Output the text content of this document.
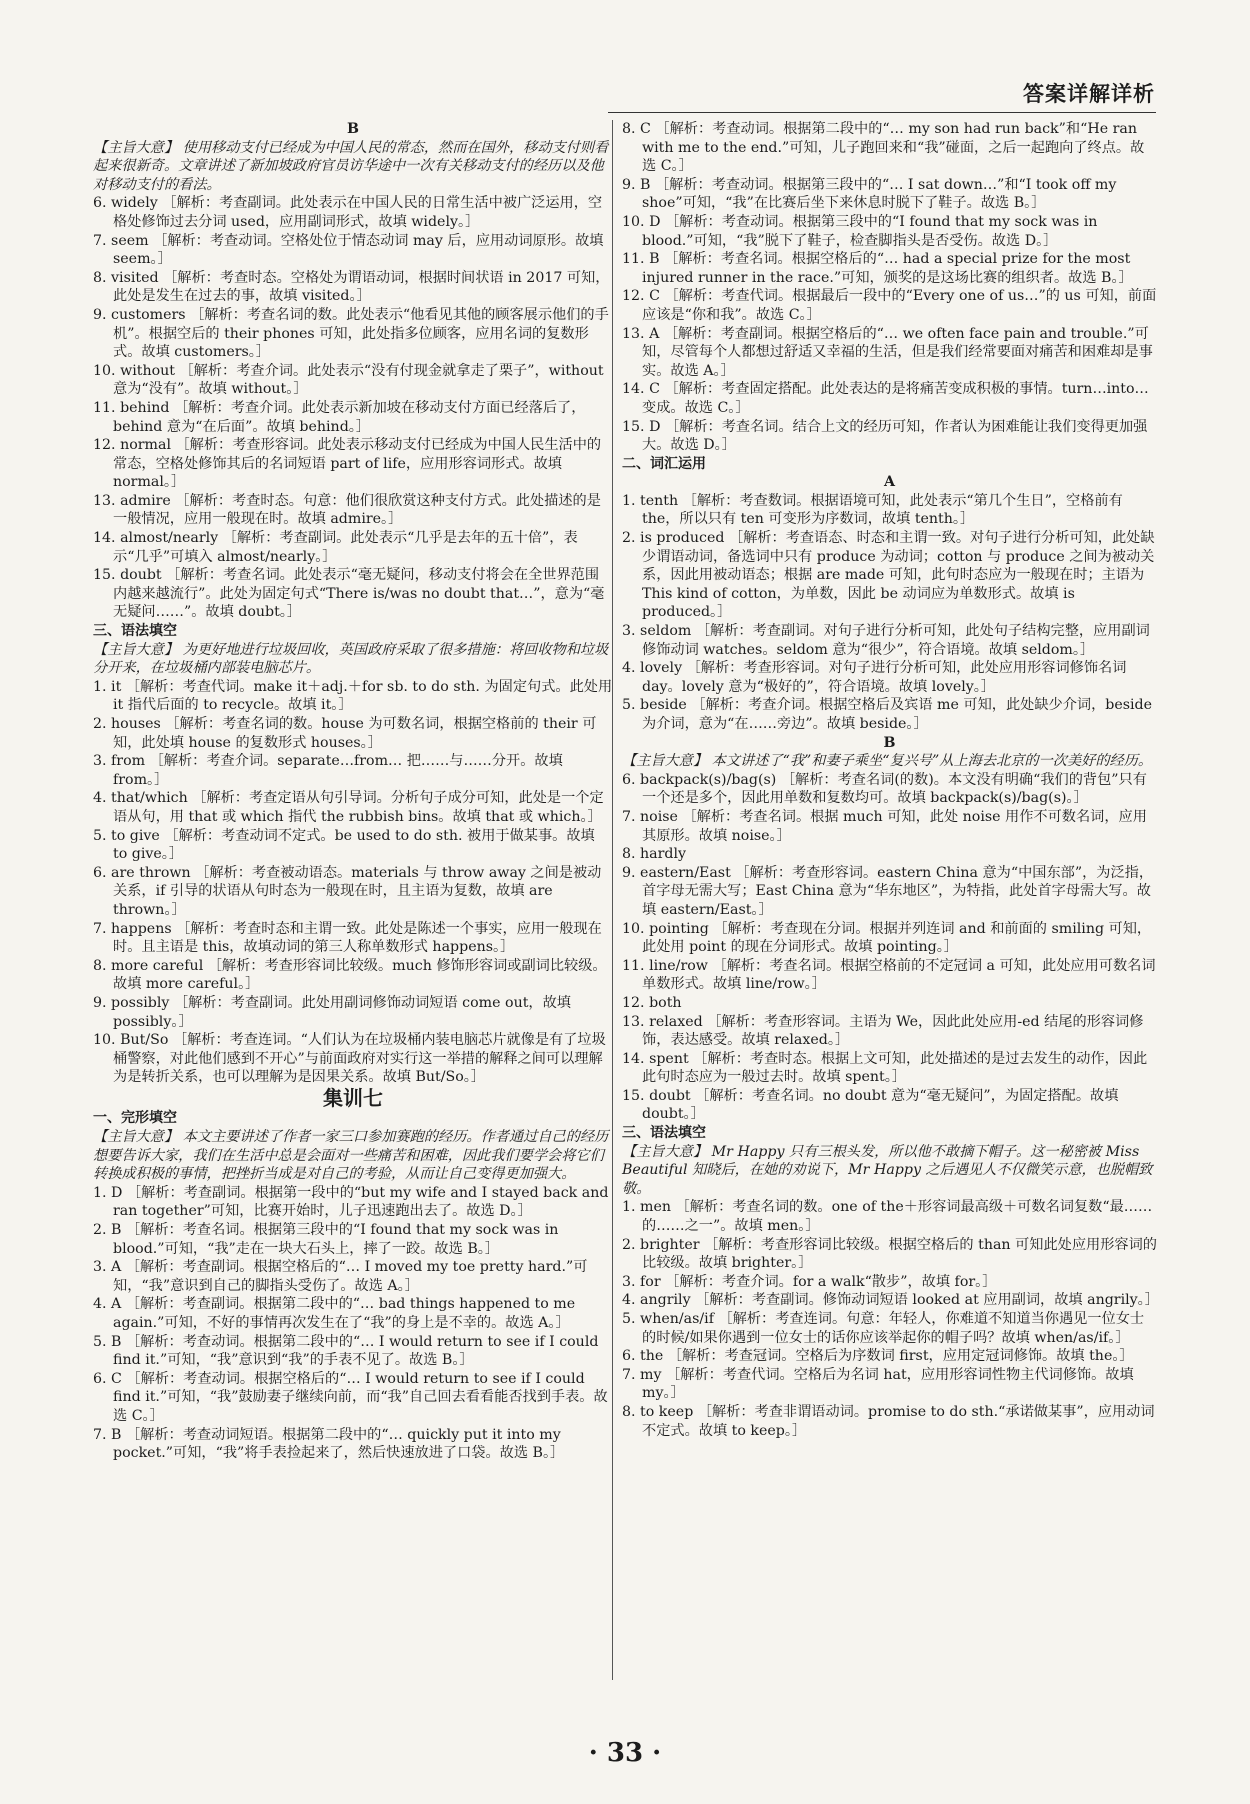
答案详解详析

B

【主旨大意】 使用移动支付已经成为中国人民的常态，然而在国外，移动支付则看起来很新奇。文章讲述了新加坡政府官员访华途中一次有关移动支付的经历以及他对移动支付的看法。

6. widely ［解析：考查副词。此处表示在中国人民的日常生活中被广泛运用，空格处修饰过去分词 used，应用副词形式，故填 widely。］

7. seem ［解析：考查动词。空格处位于情态动词 may 后，应用动词原形。故填 seem。］

8. visited ［解析：考查时态。空格处为谓语动词，根据时间状语 in 2017 可知，此处是发生在过去的事，故填 visited。］

9. customers ［解析：考查名词的数。此处表示“他看见其他的顾客展示他们的手机”。根据空后的 their phones 可知，此处指多位顾客，应用名词的复数形式。故填 customers。］

10. without ［解析：考查介词。此处表示“没有付现金就拿走了栗子”，without 意为“没有”。故填 without。］

11. behind ［解析：考查介词。此处表示新加坡在移动支付方面已经落后了，behind 意为“在后面”。故填 behind。］

12. normal ［解析：考查形容词。此处表示移动支付已经成为中国人民生活中的常态，空格处修饰其后的名词短语 part of life，应用形容词形式。故填 normal。］

13. admire ［解析：考查时态。句意：他们很欣赏这种支付方式。此处描述的是一般情况，应用一般现在时。故填 admire。］

14. almost/nearly ［解析：考查副词。此处表示“几乎是去年的五十倍”，表示“几乎”可填入 almost/nearly。］

15. doubt ［解析：考查名词。此处表示“毫无疑问，移动支付将会在全世界范围内越来越流行”。此处为固定句式“There is/was no doubt that…”，意为“毫无疑问……”。故填 doubt。］

三、语法填空

【主旨大意】 为更好地进行垃圾回收，英国政府采取了很多措施：将回收物和垃圾分开来，在垃圾桶内部装电脑芯片。

1. it ［解析：考查代词。make it＋adj.＋for sb. to do sth. 为固定句式。此处用 it 指代后面的 to recycle。故填 it。］

2. houses ［解析：考查名词的数。house 为可数名词，根据空格前的 their 可知，此处填 house 的复数形式 houses。］

3. from ［解析：考查介词。separate…from… 把……与……分开。故填 from。］

4. that/which ［解析：考查定语从句引导词。分析句子成分可知，此处是一个定语从句，用 that 或 which 指代 the rubbish bins。故填 that 或 which。］

5. to give ［解析：考查动词不定式。be used to do sth. 被用于做某事。故填 to give。］

6. are thrown ［解析：考查被动语态。materials 与 throw away 之间是被动关系，if 引导的状语从句时态为一般现在时，且主语为复数，故填 are thrown。］

7. happens ［解析：考查时态和主谓一致。此处是陈述一个事实，应用一般现在时。且主语是 this，故填动词的第三人称单数形式 happens。］

8. more careful ［解析：考查形容词比较级。much 修饰形容词或副词比较级。故填 more careful。］

9. possibly ［解析：考查副词。此处用副词修饰动词短语 come out，故填 possibly。］

10. But/So ［解析：考查连词。“人们认为在垃圾桶内装电脑芯片就像是有了垃圾桶警察，对此他们感到不开心”与前面政府对实行这一举措的解释之间可以理解为是转折关系，也可以理解为是因果关系。故填 But/So。］

集训七

一、完形填空

【主旨大意】 本文主要讲述了作者一家三口参加赛跑的经历。作者通过自己的经历想要告诉大家，我们在生活中总是会面对一些痛苦和困难，因此我们要学会将它们转换成积极的事情，把挫折当成是对自己的考验，从而让自己变得更加强大。

1. D ［解析：考查副词。根据第一段中的“but my wife and I stayed back and ran together”可知，比赛开始时，儿子迅速跑出去了。故选 D。］

2. B ［解析：考查名词。根据第三段中的“I found that my sock was in blood.”可知，“我”走在一块大石头上，摔了一跤。故选 B。］

3. A ［解析：考查副词。根据空格后的“… I moved my toe pretty hard.”可知，“我”意识到自己的脚指头受伤了。故选 A。］

4. A ［解析：考查副词。根据第二段中的“… bad things happened to me again.”可知，不好的事情再次发生在了“我”的身上是不幸的。故选 A。］

5. B ［解析：考查动词。根据第二段中的“… I would return to see if I could find it.”可知，“我”意识到“我”的手表不见了。故选 B。］

6. C ［解析：考查动词。根据空格后的“… I would return to see if I could find it.”可知，“我”鼓励妻子继续向前，而“我”自己回去看看能否找到手表。故选 C。］

7. B ［解析：考查动词短语。根据第二段中的“… quickly put it into my pocket.”可知，“我”将手表捡起来了，然后快速放进了口袋。故选 B。］

8. C ［解析：考查动词。根据第二段中的“… my son had run back”和“He ran with me to the end.”可知，儿子跑回来和“我”碰面，之后一起跑向了终点。故选 C。］

9. B ［解析：考查动词。根据第三段中的“… I sat down…”和“I took off my shoe”可知，“我”在比赛后坐下来休息时脱下了鞋子。故选 B。］

10. D ［解析：考查动词。根据第三段中的“I found that my sock was in blood.”可知，“我”脱下了鞋子，检查脚指头是否受伤。故选 D。］

11. B ［解析：考查名词。根据空格后的“… had a special prize for the most injured runner in the race.”可知，颁奖的是这场比赛的组织者。故选 B。］

12. C ［解析：考查代词。根据最后一段中的“Every one of us…”的 us 可知，前面应该是“你和我”。故选 C。］

13. A ［解析：考查副词。根据空格后的“… we often face pain and trouble.”可知，尽管每个人都想过舒适又幸福的生活，但是我们经常要面对痛苦和困难却是事实。故选 A。］

14. C ［解析：考查固定搭配。此处表达的是将痛苦变成积极的事情。turn…into…变成。故选 C。］

15. D ［解析：考查名词。结合上文的经历可知，作者认为困难能让我们变得更加强大。故选 D。］

二、词汇运用

A

1. tenth ［解析：考查数词。根据语境可知，此处表示“第几个生日”，空格前有 the，所以只有 ten 可变形为序数词，故填 tenth。］

2. is produced ［解析：考查语态、时态和主谓一致。对句子进行分析可知，此处缺少谓语动词，备选词中只有 produce 为动词；cotton 与 produce 之间为被动关系，因此用被动语态；根据 are made 可知，此句时态应为一般现在时；主语为 This kind of cotton，为单数，因此 be 动词应为单数形式。故填 is produced。］

3. seldom ［解析：考查副词。对句子进行分析可知，此处句子结构完整，应用副词修饰动词 watches。seldom 意为“很少”，符合语境。故填 seldom。］

4. lovely ［解析：考查形容词。对句子进行分析可知，此处应用形容词修饰名词 day。lovely 意为“极好的”，符合语境。故填 lovely。］

5. beside ［解析：考查介词。根据空格后及宾语 me 可知，此处缺少介词，beside 为介词，意为“在……旁边”。故填 beside。］

B

【主旨大意】 本文讲述了“我”和妻子乘坐“复兴号”从上海去北京的一次美好的经历。

6. backpack(s)/bag(s) ［解析：考查名词(的数)。本文没有明确“我们的背包”只有一个还是多个，因此用单数和复数均可。故填 backpack(s)/bag(s)。］

7. noise ［解析：考查名词。根据 much 可知，此处 noise 用作不可数名词，应用其原形。故填 noise。］

8. hardly

9. eastern/East ［解析：考查形容词。eastern China 意为“中国东部”，为泛指，首字母无需大写；East China 意为“华东地区”，为特指，此处首字母需大写。故填 eastern/East。］

10. pointing ［解析：考查现在分词。根据并列连词 and 和前面的 smiling 可知，此处用 point 的现在分词形式。故填 pointing。］

11. line/row ［解析：考查名词。根据空格前的不定冠词 a 可知，此处应用可数名词单数形式。故填 line/row。］

12. both

13. relaxed ［解析：考查形容词。主语为 We，因此此处应用-ed 结尾的形容词修饰，表达感受。故填 relaxed。］

14. spent ［解析：考查时态。根据上文可知，此处描述的是过去发生的动作，因此此句时态应为一般过去时。故填 spent。］

15. doubt ［解析：考查名词。no doubt 意为“毫无疑问”，为固定搭配。故填 doubt。］

三、语法填空

【主旨大意】 Mr Happy 只有三根头发，所以他不敢摘下帽子。这一秘密被 Miss Beautiful 知晓后，在她的劝说下，Mr Happy 之后遇见人不仅微笑示意，也脱帽致敬。

1. men ［解析：考查名词的数。one of the＋形容词最高级＋可数名词复数“最……的……之一”。故填 men。］

2. brighter ［解析：考查形容词比较级。根据空格后的 than 可知此处应用形容词的比较级。故填 brighter。］

3. for ［解析：考查介词。for a walk“散步”，故填 for。］

4. angrily ［解析：考查副词。修饰动词短语 looked at 应用副词，故填 angrily。］

5. when/as/if ［解析：考查连词。句意：年轻人，你难道不知道当你遇见一位女士的时候/如果你遇到一位女士的话你应该举起你的帽子吗？故填 when/as/if。］

6. the ［解析：考查冠词。空格后为序数词 first，应用定冠词修饰。故填 the。］

7. my ［解析：考查代词。空格后为名词 hat，应用形容词性物主代词修饰。故填 my。］

8. to keep ［解析：考查非谓语动词。promise to do sth.“承诺做某事”，应用动词不定式。故填 to keep。］

· 33 ·
